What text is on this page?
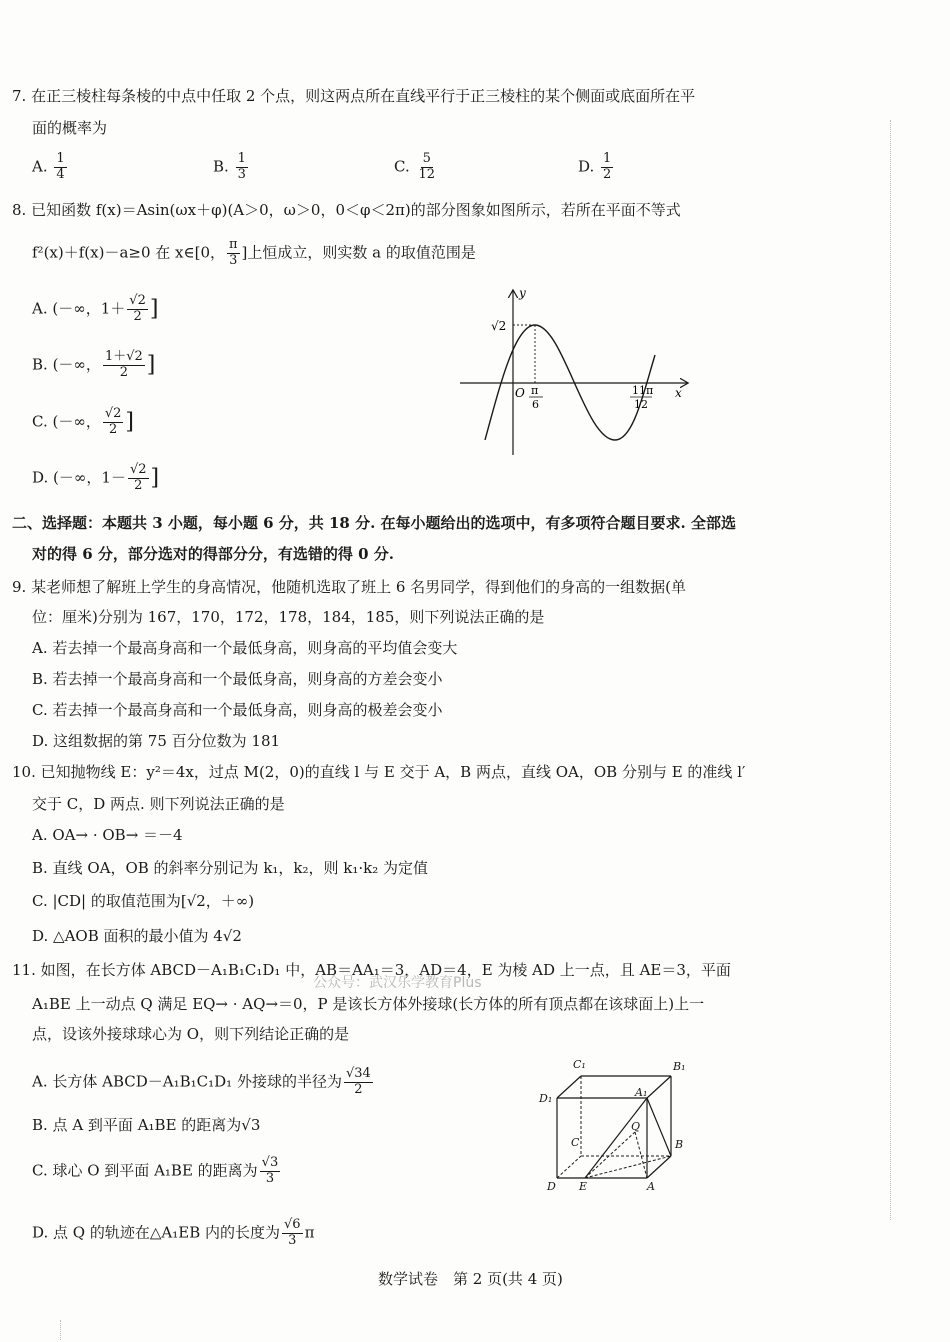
7. 在正三棱柱每条棱的中点中任取 2 个点，则这两点所在直线平行于正三棱柱的某个侧面或底面所在平
面的概率为
A. $\frac{1}{4}$	B. $\frac{1}{3}$	C. $\frac{5}{12}$	D. $\frac{1}{2}$
8. 已知函数 f(x)＝Asin(ωx＋φ)(A＞0，ω＞0，0＜φ＜2π)的部分图象如图所示，若所在平面不等式
f²(x)＋f(x)－a≥0 在 x∈[0， $\frac{\pi}{3}$ ]上恒成立，则实数 a 的取值范围是
A. (－∞，$1+ \frac{√2}{2}$ ]
B. (－∞， $\frac{1+√2}{2}$ ]
C. (－∞， $\frac{√2}{2}$ ]
D. (－∞，$1- \frac{√2}{2}$ ]
y
x
O
√2
π
6
11π
12
二、选择题：本题共 3 小题，每小题 6 分，共 18 分. 在每小题给出的选项中，有多项符合题目要求. 全部选
对的得 6 分，部分选对的得部分分，有选错的得 0 分.
9. 某老师想了解班上学生的身高情况，他随机选取了班上 6 名男同学，得到他们的身高的一组数据(单
位：厘米)分别为 167，170，172，178，184，185，则下列说法正确的是
A. 若去掉一个最高身高和一个最低身高，则身高的平均值会变大
B. 若去掉一个最高身高和一个最低身高，则身高的方差会变小
C. 若去掉一个最高身高和一个最低身高，则身高的极差会变小
D. 这组数据的第 75 百分位数为 181
10. 已知抛物线 E：y²＝4x，过点 M(2，0)的直线 l 与 E 交于 A，B 两点，直线 OA，OB 分别与 E 的准线 l′
交于 C，D 两点. 则下列说法正确的是
A. OA→ · OB→ ＝－4
B. 直线 OA，OB 的斜率分别记为 k₁，k₂，则 k₁·k₂ 为定值
C. |CD| 的取值范围为[√2，＋∞)
D. △AOB 面积的最小值为 4√2
11. 如图，在长方体 ABCD－A₁B₁C₁D₁ 中，AB＝AA₁＝3，AD＝4，E 为棱 AD 上一点，且 AE＝3，平面
A₁BE 上一动点 Q 满足 EQ→ · AQ→＝0，P 是该长方体外接球(长方体的所有顶点都在该球面上)上一
点，设该外接球球心为 O，则下列结论正确的是
公众号：武汉乐学教育Plus
A. 长方体 ABCD－A₁B₁C₁D₁ 外接球的半径为 $\frac{√34}{2}$
B. 点 A 到平面 A₁BE 的距离为√3
C. 球心 O 到平面 A₁BE 的距离为 $\frac{√3}{3}$
D. 点 Q 的轨迹在△A₁EB 内的长度为 $\frac{√6}{3}$ π
C₁	B₁
D₁	A₁
Q
C	B
D E	A
数学试卷　第 2 页(共 4 页)
